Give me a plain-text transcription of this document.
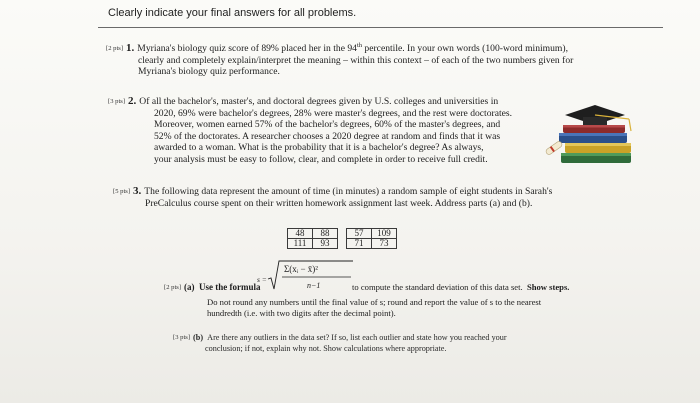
Clearly indicate your final answers for all problems.
[2 pts] 1. Myriana's biology quiz score of 89% placed her in the 94th percentile. In your own words (100-word minimum),
clearly and completely explain/interpret the meaning – within this context – of each of the two numbers given for
Myriana's biology quiz performance.
[3 pts] 2. Of all the bachelor's, master's, and doctoral degrees given by U.S. colleges and universities in
2020, 69% were bachelor's degrees, 28% were master's degrees, and the rest were doctorates.
Moreover, women earned 57% of the bachelor's degrees, 60% of the master's degrees, and
52% of the doctorates. A researcher chooses a 2020 degree at random and finds that it was
awarded to a woman. What is the probability that it is a bachelor's degree? As always,
your analysis must be easy to follow, clear, and complete in order to receive full credit.
[5 pts] 3. The following data represent the amount of time (in minutes) a random sample of eight students in Sarah's
PreCalculus course spent on their written homework assignment last week. Address parts (a) and (b).
48	88		57	109
111	93		71	73
[2 pts] (a) Use the formula
s =
Σ(xᵢ − x̄)²
n−1	to compute the standard deviation of this data set. Show steps.
Do not round any numbers until the final value of s; round and report the value of s to the nearest
hundredth (i.e. with two digits after the decimal point).
[3 pts] (b) Are there any outliers in the data set? If so, list each outlier and state how you reached your
conclusion; if not, explain why not. Show calculations where appropriate.
